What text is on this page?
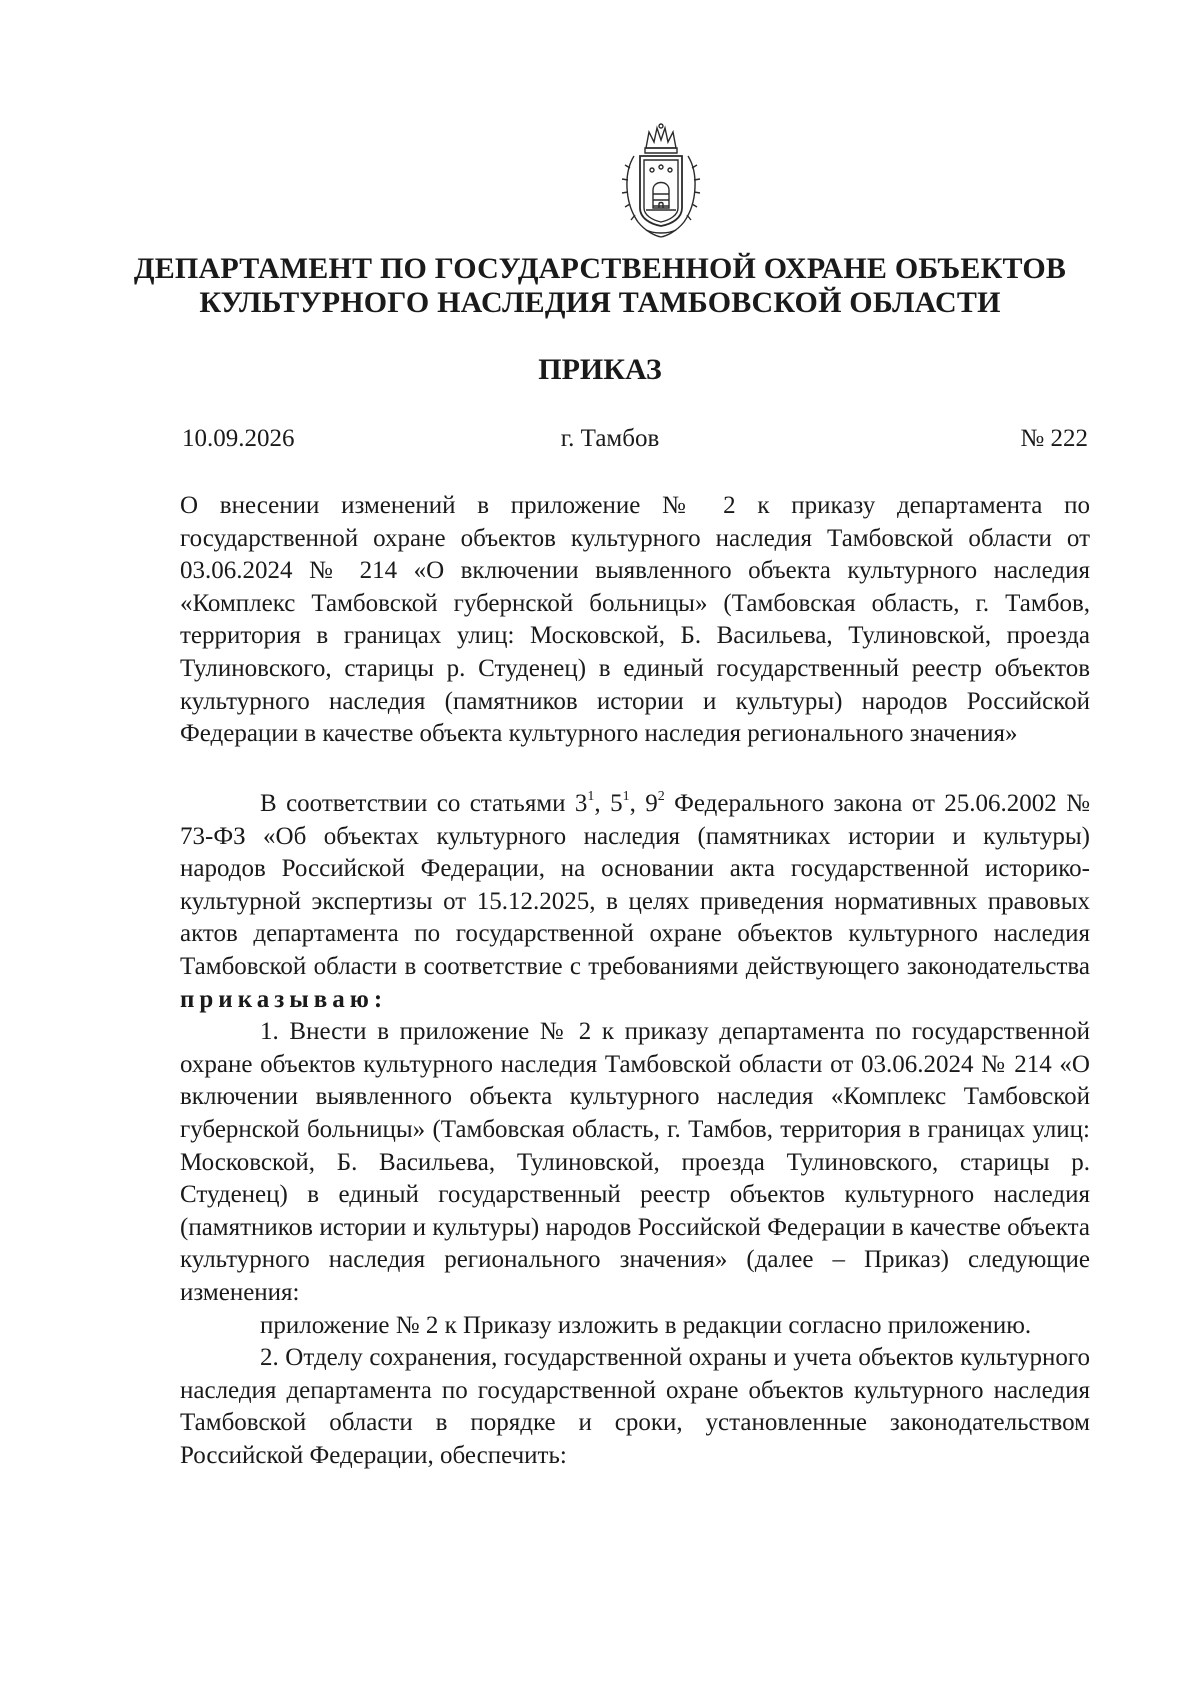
ДЕПАРТАМЕНТ ПО ГОСУДАРСТВЕННОЙ ОХРАНЕ ОБЪЕКТОВ
КУЛЬТУРНОГО НАСЛЕДИЯ ТАМБОВСКОЙ ОБЛАСТИ
ПРИКАЗ
10.09.2026	г. Тамбов	№ 222
О внесении изменений в приложение № 2 к приказу департамента по государственной охране объектов культурного наследия Тамбовской области от 03.06.2024 № 214 «О включении выявленного объекта культурного наследия «Комплекс Тамбовской губернской больницы» (Тамбовская область, г. Тамбов, территория в границах улиц: Московской, Б. Васильева, Тулиновской, проезда Тулиновского, старицы р. Студенец) в единый государственный реестр объектов культурного наследия (памятников истории и культуры) народов Российской Федерации в качестве объекта культурного наследия регионального значения»
В соответствии со статьями $3^1$, $5^1$, $9^2$ Федерального закона от 25.06.2002 № 73-ФЗ «Об объектах культурного наследия (памятниках истории и культуры) народов Российской Федерации, на основании акта государственной историко-культурной экспертизы от 15.12.2025, в целях приведения нормативных правовых актов департамента по государственной охране объектов культурного наследия Тамбовской области в соответствие с требованиями действующего законодательства приказываю:
1. Внести в приложение № 2 к приказу департамента по государственной охране объектов культурного наследия Тамбовской области от 03.06.2024 № 214 «О включении выявленного объекта культурного наследия «Комплекс Тамбовской губернской больницы» (Тамбовская область, г. Тамбов, территория в границах улиц: Московской, Б. Васильева, Тулиновской, проезда Тулиновского, старицы р. Студенец) в единый государственный реестр объектов культурного наследия (памятников истории и культуры) народов Российской Федерации в качестве объекта культурного наследия регионального значения» (далее – Приказ) следующие изменения:
приложение № 2 к Приказу изложить в редакции согласно приложению.
2. Отделу сохранения, государственной охраны и учета объектов культурного наследия департамента по государственной охране объектов культурного наследия Тамбовской области в порядке и сроки, установленные законодательством Российской Федерации, обеспечить:
